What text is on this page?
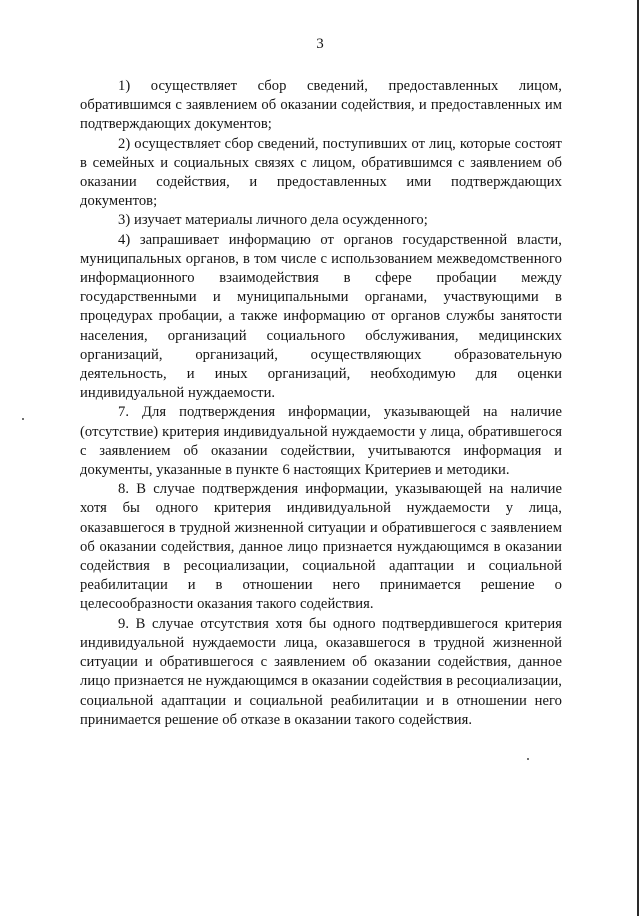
3

1) осуществляет сбор сведений, предоставленных лицом, обратившимся с заявлением об оказании содействия, и предоставленных им подтверждающих документов;

2) осуществляет сбор сведений, поступивших от лиц, которые состоят в семейных и социальных связях с лицом, обратившимся с заявлением об оказании содействия, и предоставленных ими подтверждающих документов;

3) изучает материалы личного дела осужденного;

4) запрашивает информацию от органов государственной власти, муниципальных органов, в том числе с использованием межведомственного информационного взаимодействия в сфере пробации между государственными и муниципальными органами, участвующими в процедурах пробации, а также информацию от органов службы занятости населения, организаций социального обслуживания, медицинских организаций, организаций, осуществляющих образовательную деятельность, и иных организаций, необходимую для оценки индивидуальной нуждаемости.

7. Для подтверждения информации, указывающей на наличие (отсутствие) критерия индивидуальной нуждаемости у лица, обратившегося с заявлением об оказании содействии, учитываются информация и документы, указанные в пункте 6 настоящих Критериев и методики.

8. В случае подтверждения информации, указывающей на наличие хотя бы одного критерия индивидуальной нуждаемости у лица, оказавшегося в трудной жизненной ситуации и обратившегося с заявлением об оказании содействия, данное лицо признается нуждающимся в оказании содействия в ресоциализации, социальной адаптации и социальной реабилитации и в отношении него принимается решение о целесообразности оказания такого содействия.

9. В случае отсутствия хотя бы одного подтвердившегося критерия индивидуальной нуждаемости лица, оказавшегося в трудной жизненной ситуации и обратившегося с заявлением об оказании содействия, данное лицо признается не нуждающимся в оказании содействия в ресоциализации, социальной адаптации и социальной реабилитации и в отношении него принимается решение об отказе в оказании такого содействия.
